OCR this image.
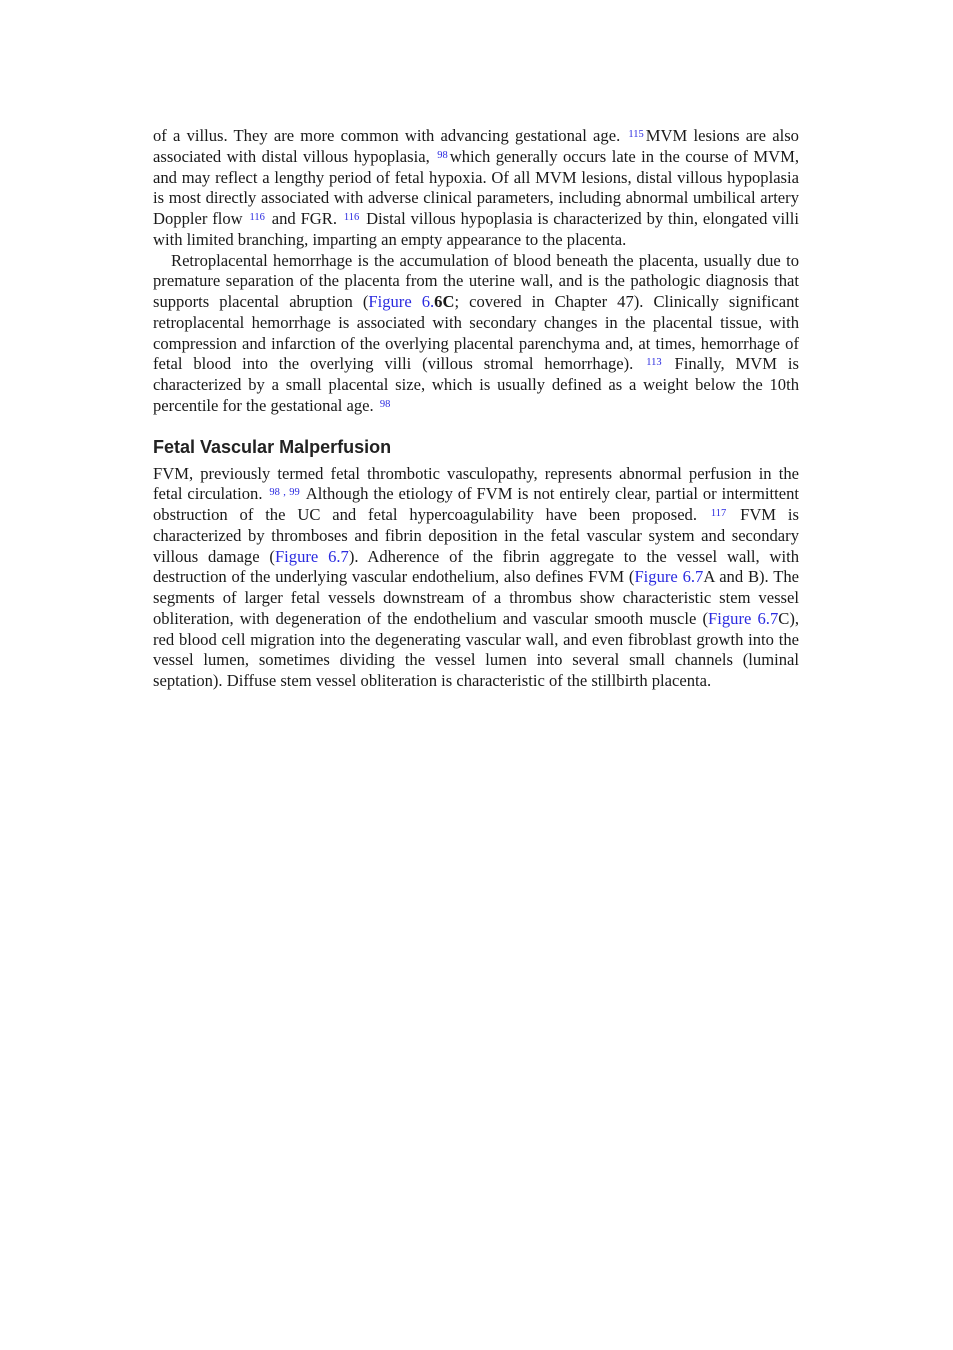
of a villus. They are more common with advancing gestational age. $^{115}$ MVM lesions are also associated with distal villous hypoplasia, $^{98}$ which generally occurs late in the course of MVM, and may reflect a lengthy period of fetal hypoxia. Of all MVM lesions, distal villous hypoplasia is most directly associated with adverse clinical parameters, including abnormal umbilical artery Doppler flow $^{116}$ and FGR. $^{116}$ Distal villous hypoplasia is characterized by thin, elongated villi with limited branching, imparting an empty appearance to the placenta.

Retroplacental hemorrhage is the accumulation of blood beneath the placenta, usually due to premature separation of the placenta from the uterine wall, and is the pathologic diagnosis that supports placental abruption (Figure 6.6C; covered in Chapter 47). Clinically significant retroplacental hemorrhage is associated with secondary changes in the placental tissue, with compression and infarction of the overlying placental parenchyma and, at times, hemorrhage of fetal blood into the overlying villi (villous stromal hemorrhage). $^{113}$ Finally, MVM is characterized by a small placental size, which is usually defined as a weight below the 10th percentile for the gestational age. $^{98}$

Fetal Vascular Malperfusion

FVM, previously termed fetal thrombotic vasculopathy, represents abnormal perfusion in the fetal circulation. $^{98 , 99}$ Although the etiology of FVM is not entirely clear, partial or intermittent obstruction of the UC and fetal hypercoagulability have been proposed. $^{117}$ FVM is characterized by thromboses and fibrin deposition in the fetal vascular system and secondary villous damage (Figure 6.7). Adherence of the fibrin aggregate to the vessel wall, with destruction of the underlying vascular endothelium, also defines FVM (Figure 6.7A and B). The segments of larger fetal vessels downstream of a thrombus show characteristic stem vessel obliteration, with degeneration of the endothelium and vascular smooth muscle (Figure 6.7C), red blood cell migration into the degenerating vascular wall, and even fibroblast growth into the vessel lumen, sometimes dividing the vessel lumen into several small channels (luminal septation). Diffuse stem vessel obliteration is characteristic of the stillbirth placenta.
